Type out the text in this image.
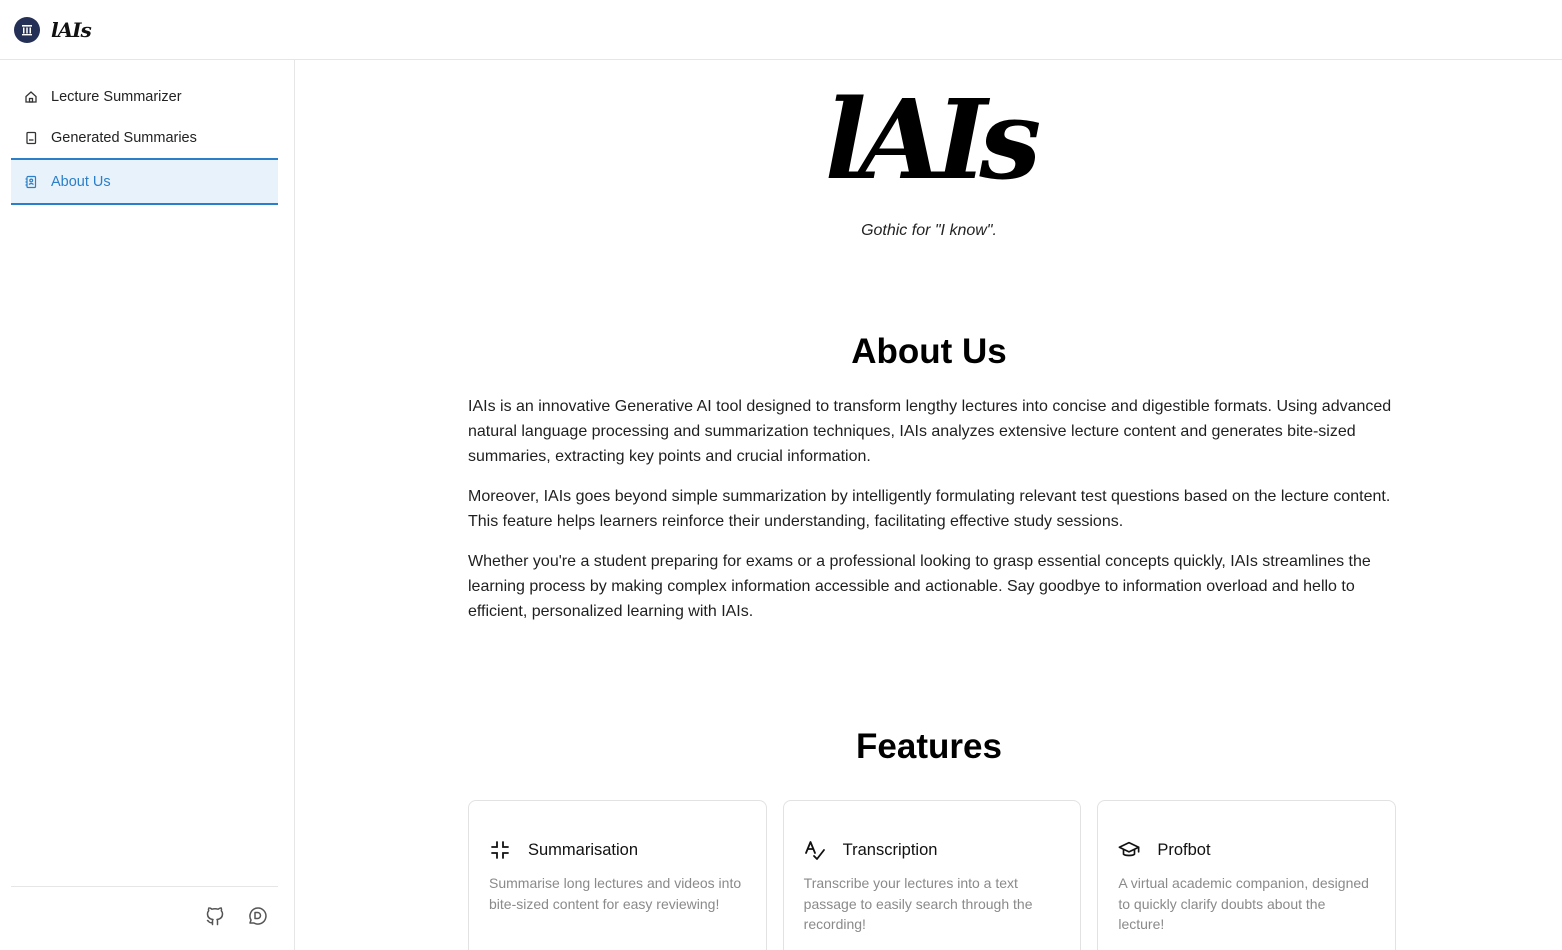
lAIs
Lecture Summarizer
Generated Summaries
About Us	lAIs
Gothic for "I know".
About Us

IAIs is an innovative Generative AI tool designed to transform lengthy lectures into concise and digestible formats. Using advanced natural language processing and summarization techniques, IAIs analyzes extensive lecture content and generates bite-sized summaries, extracting key points and crucial information.

Moreover, IAIs goes beyond simple summarization by intelligently formulating relevant test questions based on the lecture content. This feature helps learners reinforce their understanding, facilitating effective study sessions.

Whether you're a student preparing for exams or a professional looking to grasp essential concepts quickly, IAIs streamlines the learning process by making complex information accessible and actionable. Say goodbye to information overload and hello to efficient, personalized learning with IAIs.

Features
Summarisation
Summarise long lectures and videos into bite-sized content for easy reviewing!
Transcription
Transcribe your lectures into a text passage to easily search through the recording!
Profbot
A virtual academic companion, designed to quickly clarify doubts about the lecture!
